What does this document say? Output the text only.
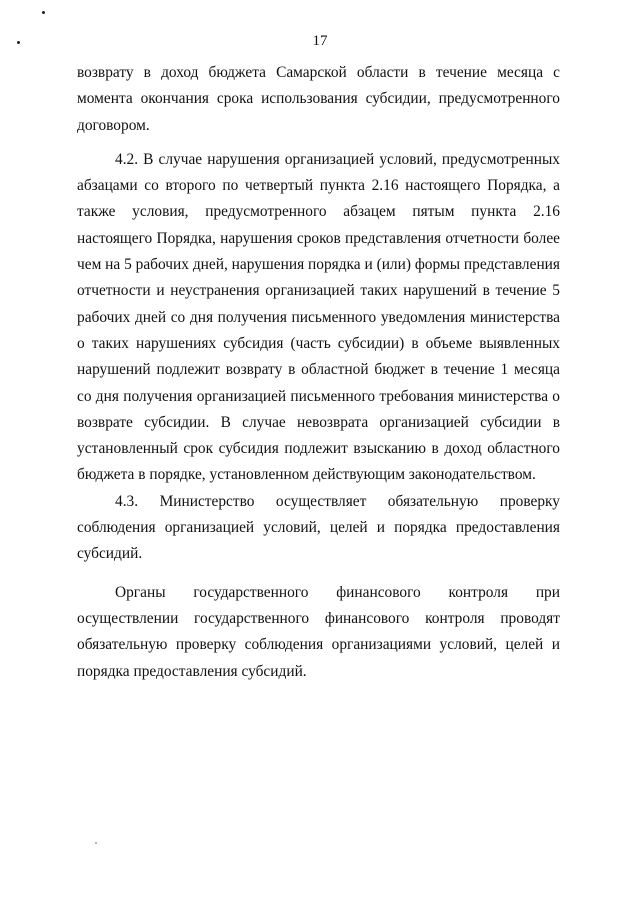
17

возврату в доход бюджета Самарской области в течение месяца с момента окончания срока использования субсидии, предусмотренного договором.

4.2. В случае нарушения организацией условий, предусмотренных абзацами со второго по четвертый пункта 2.16 настоящего Порядка, а также условия, предусмотренного абзацем пятым пункта 2.16 настоящего Порядка, нарушения сроков представления отчетности более чем на 5 рабочих дней, нарушения порядка и (или) формы представления отчетности и неустранения организацией таких нарушений в течение 5 рабочих дней со дня получения письменного уведомления министерства о таких нарушениях субсидия (часть субсидии) в объеме выявленных нарушений подлежит возврату в областной бюджет в течение 1 месяца со дня получения организацией письменного требования министерства о возврате субсидии. В случае невозврата организацией субсидии в установленный срок субсидия подлежит взысканию в доход областного бюджета в порядке, установленном действующим законодательством.

4.3. Министерство осуществляет обязательную проверку соблюдения организацией условий, целей и порядка предоставления субсидий.

Органы государственного финансового контроля при осуществлении государственного финансового контроля проводят обязательную проверку соблюдения организациями условий, целей и порядка предоставления субсидий.
